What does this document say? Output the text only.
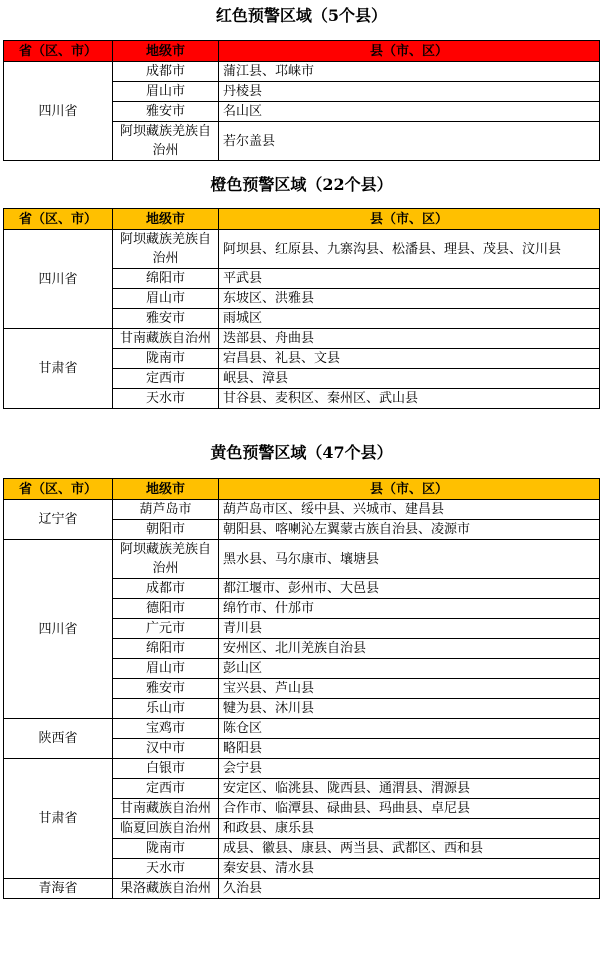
红色预警区域（5个县）
省（区、市）	地级市	县（市、区）
四川省	成都市	蒲江县、邛崃市
	眉山市	丹棱县
	雅安市	名山区
	阿坝藏族羌族自治州	若尔盖县
橙色预警区域（22个县）
省（区、市）	地级市	县（市、区）
四川省	阿坝藏族羌族自治州	阿坝县、红原县、九寨沟县、松潘县、理县、茂县、汶川县
	绵阳市	平武县
	眉山市	东坡区、洪雅县
	雅安市	雨城区
甘肃省	甘南藏族自治州	迭部县、舟曲县
	陇南市	宕昌县、礼县、文县
	定西市	岷县、漳县
	天水市	甘谷县、麦积区、秦州区、武山县
黄色预警区域（47个县）
省（区、市）	地级市	县（市、区）
辽宁省	葫芦岛市	葫芦岛市区、绥中县、兴城市、建昌县
	朝阳市	朝阳县、喀喇沁左翼蒙古族自治县、凌源市
四川省	阿坝藏族羌族自治州	黑水县、马尔康市、壤塘县
	成都市	都江堰市、彭州市、大邑县
	德阳市	绵竹市、什邡市
	广元市	青川县
	绵阳市	安州区、北川羌族自治县
	眉山市	彭山区
	雅安市	宝兴县、芦山县
	乐山市	犍为县、沐川县
陕西省	宝鸡市	陈仓区
	汉中市	略阳县
甘肃省	白银市	会宁县
	定西市	安定区、临洮县、陇西县、通渭县、渭源县
	甘南藏族自治州	合作市、临潭县、碌曲县、玛曲县、卓尼县
	临夏回族自治州	和政县、康乐县
	陇南市	成县、徽县、康县、两当县、武都区、西和县
	天水市	秦安县、清水县
青海省	果洛藏族自治州	久治县
